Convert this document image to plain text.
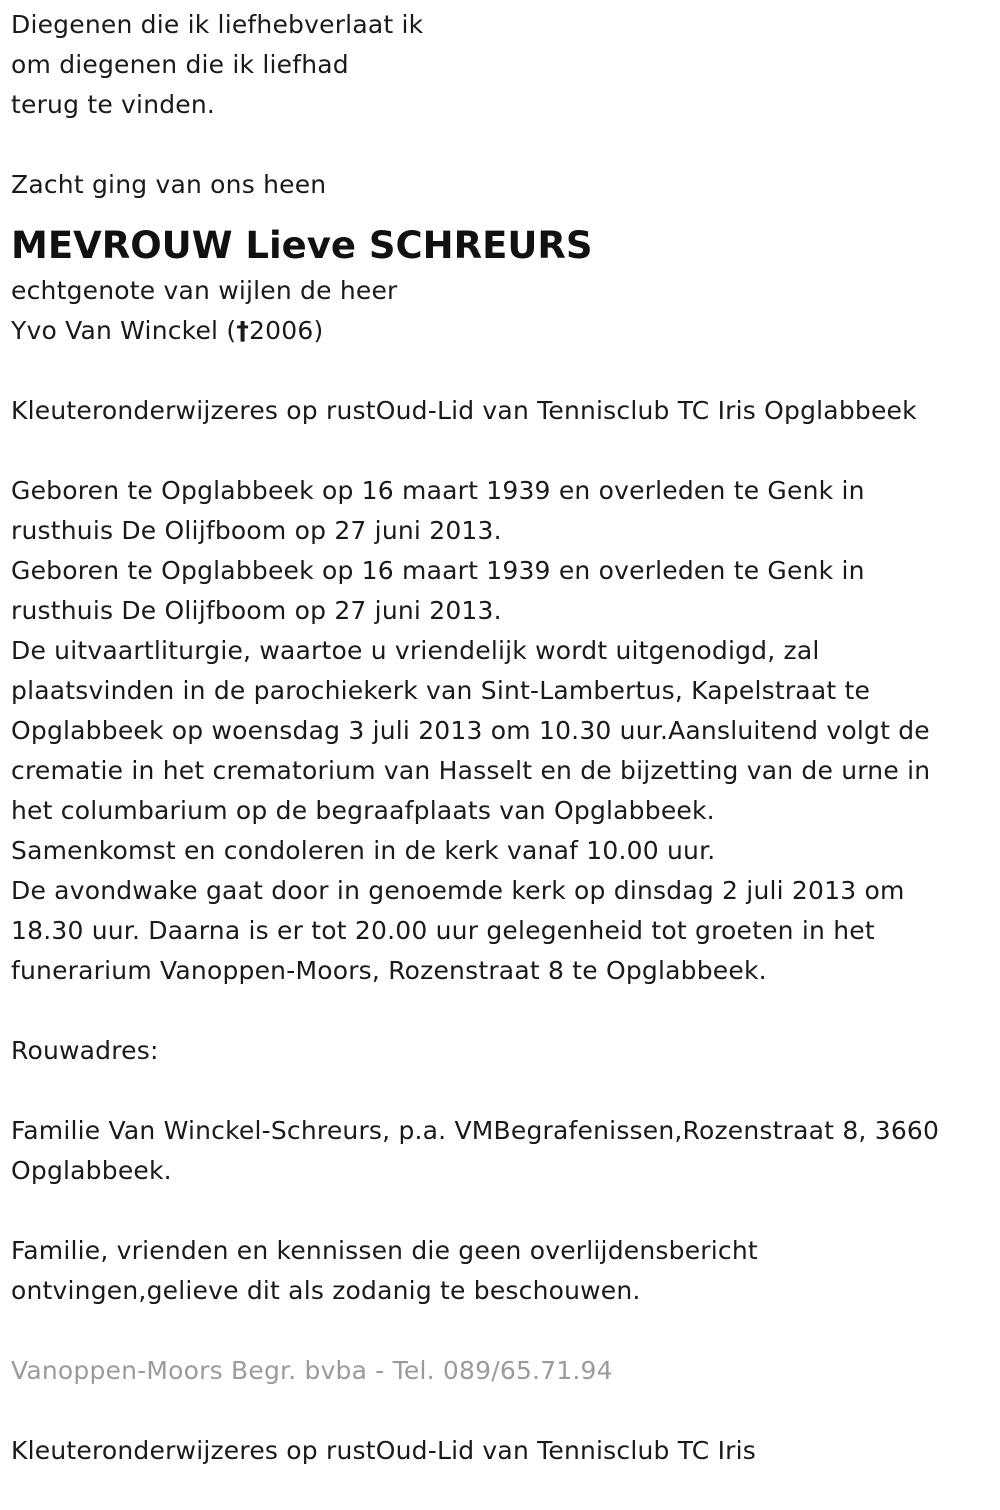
Diegenen die ik liefhebverlaat ik
om diegenen die ik liefhad
terug te vinden.
Zacht ging van ons heen
MEVROUW Lieve SCHREURS
echtgenote van wijlen de heer
Yvo Van Winckel (†2006)
Kleuteronderwijzeres op rustOud-Lid van Tennisclub TC Iris Opglabbeek
Geboren te Opglabbeek op 16 maart 1939 en overleden te Genk in
rusthuis De Olijfboom op 27 juni 2013.
Geboren te Opglabbeek op 16 maart 1939 en overleden te Genk in
rusthuis De Olijfboom op 27 juni 2013.
De uitvaartliturgie, waartoe u vriendelijk wordt uitgenodigd, zal
plaatsvinden in de parochiekerk van Sint-Lambertus, Kapelstraat te
Opglabbeek op woensdag 3 juli 2013 om 10.30 uur.Aansluitend volgt de
crematie in het crematorium van Hasselt en de bijzetting van de urne in
het columbarium op de begraafplaats van Opglabbeek.
Samenkomst en condoleren in de kerk vanaf 10.00 uur.
De avondwake gaat door in genoemde kerk op dinsdag 2 juli 2013 om
18.30 uur. Daarna is er tot 20.00 uur gelegenheid tot groeten in het
funerarium Vanoppen-Moors, Rozenstraat 8 te Opglabbeek.
Rouwadres:
Familie Van Winckel-Schreurs, p.a. VMBegrafenissen,Rozenstraat 8, 3660
Opglabbeek.
Familie, vrienden en kennissen die geen overlijdensbericht
ontvingen,gelieve dit als zodanig te beschouwen.
Vanoppen-Moors Begr. bvba - Tel. 089/65.71.94
Kleuteronderwijzeres op rustOud-Lid van Tennisclub TC Iris
